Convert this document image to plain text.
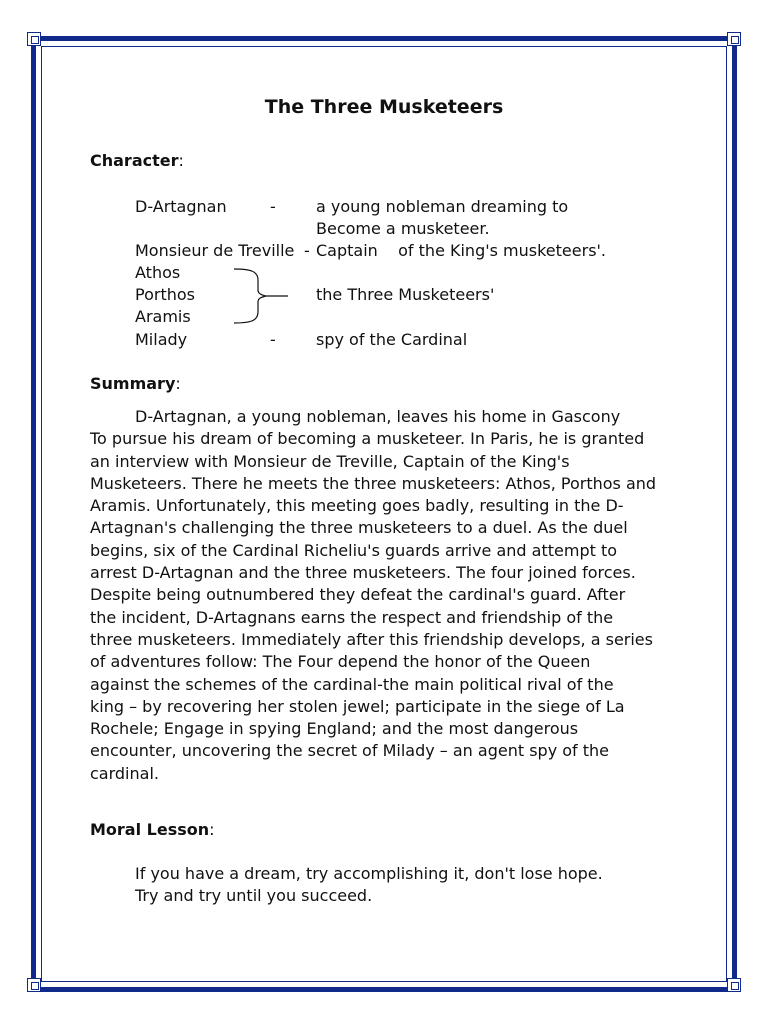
The Three Musketeers
Character:
D-Artagnan	-	a young nobleman dreaming to
Become a musketeer.
Monsieur de Treville - Captain    of the King's musketeers'.
Athos
Porthos	the Three Musketeers'
Aramis
Milady	-	spy of the Cardinal
Summary:

D-Artagnan, a young nobleman, leaves his home in Gascony
To pursue his dream of becoming a musketeer. In Paris, he is granted
an interview with Monsieur de Treville, Captain of the King's
Musketeers. There he meets the three musketeers: Athos, Porthos and
Aramis. Unfortunately, this meeting goes badly, resulting in the D-
Artagnan's challenging the three musketeers to a duel. As the duel
begins, six of the Cardinal Richeliu's guards arrive and attempt to
arrest D-Artagnan and the three musketeers. The four joined forces.
Despite being outnumbered they defeat the cardinal's guard. After
the incident, D-Artagnans earns the respect and friendship of the
three musketeers. Immediately after this friendship develops, a series
of adventures follow: The Four depend the honor of the Queen
against the schemes of the cardinal-the main political rival of the
king – by recovering her stolen jewel; participate in the siege of La
Rochele; Engage in spying England; and the most dangerous
encounter, uncovering the secret of Milady – an agent spy of the
cardinal.

Moral Lesson:
If you have a dream, try accomplishing it, don't lose hope.
Try and try until you succeed.
